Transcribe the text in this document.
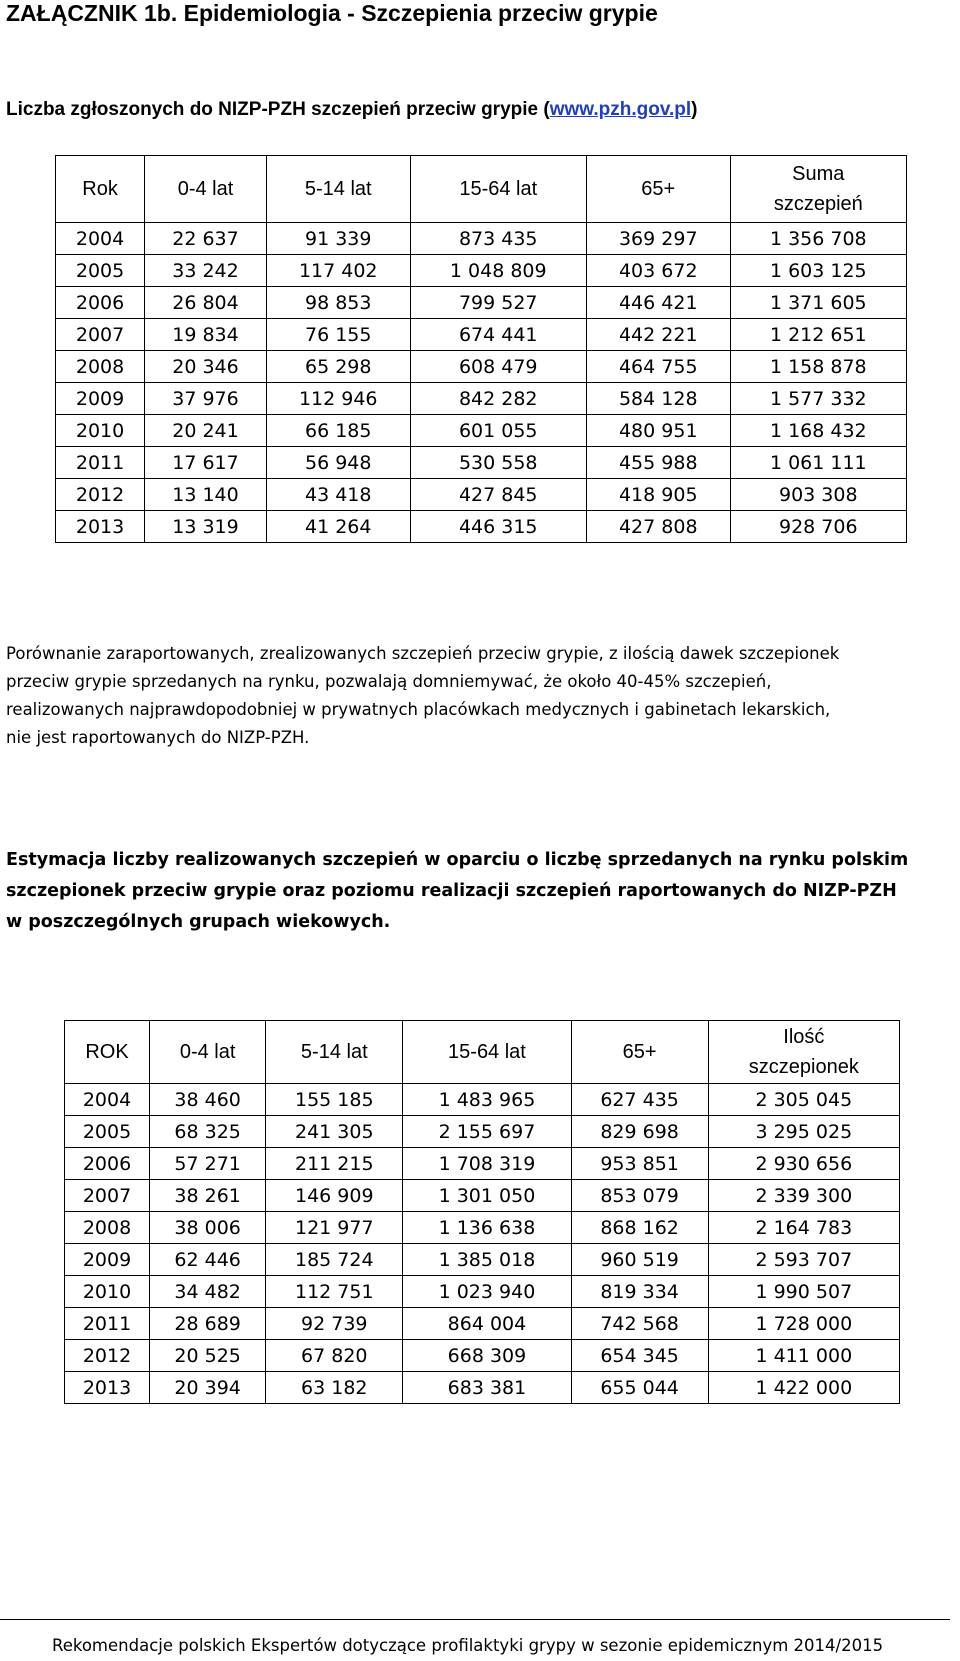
ZAŁĄCZNIK 1b. Epidemiologia - Szczepienia przeciw grypie
Liczba zgłoszonych do NIZP-PZH szczepień przeciw grypie (www.pzh.gov.pl)
Rok	0-4 lat	5-14 lat	15-64 lat	65+	Suma
szczepień
2004	22 637	91 339	873 435	369 297	1 356 708
2005	33 242	117 402	1 048 809	403 672	1 603 125
2006	26 804	98 853	799 527	446 421	1 371 605
2007	19 834	76 155	674 441	442 221	1 212 651
2008	20 346	65 298	608 479	464 755	1 158 878
2009	37 976	112 946	842 282	584 128	1 577 332
2010	20 241	66 185	601 055	480 951	1 168 432
2011	17 617	56 948	530 558	455 988	1 061 111
2012	13 140	43 418	427 845	418 905	903 308
2013	13 319	41 264	446 315	427 808	928 706
Porównanie zaraportowanych, zrealizowanych szczepień przeciw grypie, z ilością dawek szczepionek
przeciw grypie sprzedanych na rynku, pozwalają domniemywać, że około 40-45% szczepień,
realizowanych najprawdopodobniej w prywatnych placówkach medycznych i gabinetach lekarskich,
nie jest raportowanych do NIZP-PZH.
Estymacja liczby realizowanych szczepień w oparciu o liczbę sprzedanych na rynku polskim
szczepionek przeciw grypie oraz poziomu realizacji szczepień raportowanych do NIZP-PZH
w poszczególnych grupach wiekowych.
ROK	0-4 lat	5-14 lat	15-64 lat	65+	Ilość
szczepionek
2004	38 460	155 185	1 483 965	627 435	2 305 045
2005	68 325	241 305	2 155 697	829 698	3 295 025
2006	57 271	211 215	1 708 319	953 851	2 930 656
2007	38 261	146 909	1 301 050	853 079	2 339 300
2008	38 006	121 977	1 136 638	868 162	2 164 783
2009	62 446	185 724	1 385 018	960 519	2 593 707
2010	34 482	112 751	1 023 940	819 334	1 990 507
2011	28 689	92 739	864 004	742 568	1 728 000
2012	20 525	67 820	668 309	654 345	1 411 000
2013	20 394	63 182	683 381	655 044	1 422 000
Rekomendacje polskich Ekspertów dotyczące profilaktyki grypy w sezonie epidemicznym 2014/2015
